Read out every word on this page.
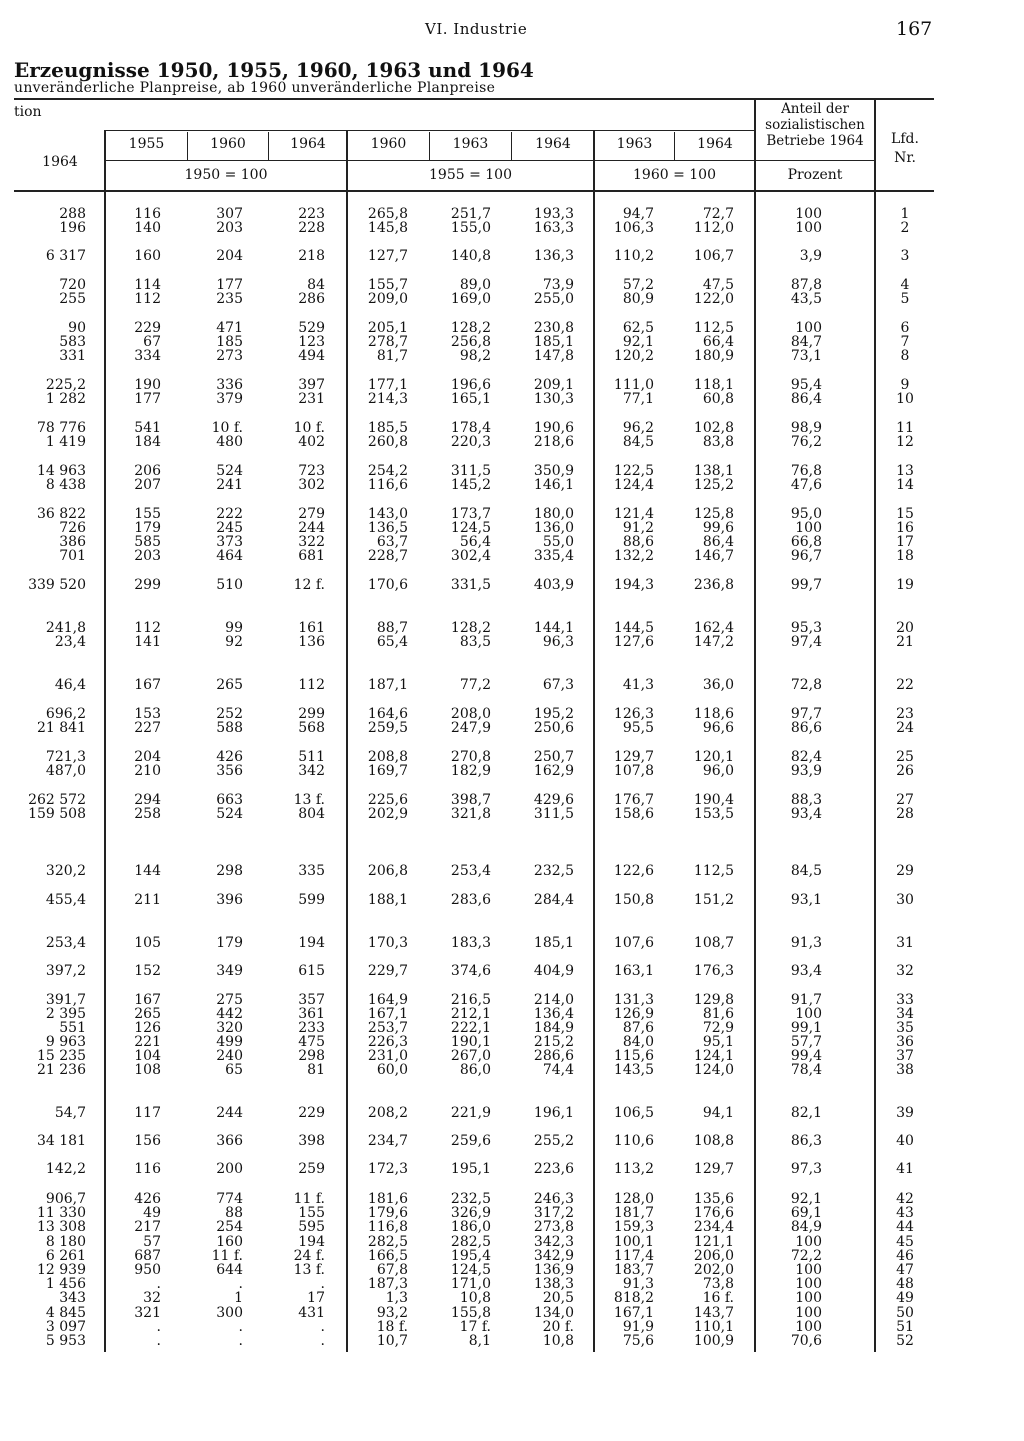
VI. Industrie	167
Erzeugnisse 1950, 1955, 1960, 1963 und 1964
unveränderliche Planpreise, ab 1960 unveränderliche Planpreise
tion
1964
1955	1960	1964
1950 = 100
1960	1963	1964
1955 = 100
1963	1964
1960 = 100
Anteil der sozialistischen Betriebe 1964
Prozent
Lfd. Nr.
288	116	307	223	265,8	251,7	193,3	94,7	72,7	100	1
196	140	203	228	145,8	155,0	163,3	106,3	112,0	100	2
6 317	160	204	218	127,7	140,8	136,3	110,2	106,7	3,9	3
720	114	177	84	155,7	89,0	73,9	57,2	47,5	87,8	4
255	112	235	286	209,0	169,0	255,0	80,9	122,0	43,5	5
90	229	471	529	205,1	128,2	230,8	62,5	112,5	100	6
583	67	185	123	278,7	256,8	185,1	92,1	66,4	84,7	7
331	334	273	494	81,7	98,2	147,8	120,2	180,9	73,1	8
225,2	190	336	397	177,1	196,6	209,1	111,0	118,1	95,4	9
1 282	177	379	231	214,3	165,1	130,3	77,1	60,8	86,4	10
78 776	541	10 f.	10 f.	185,5	178,4	190,6	96,2	102,8	98,9	11
1 419	184	480	402	260,8	220,3	218,6	84,5	83,8	76,2	12
14 963	206	524	723	254,2	311,5	350,9	122,5	138,1	76,8	13
8 438	207	241	302	116,6	145,2	146,1	124,4	125,2	47,6	14
36 822	155	222	279	143,0	173,7	180,0	121,4	125,8	95,0	15
726	179	245	244	136,5	124,5	136,0	91,2	99,6	100	16
386	585	373	322	63,7	56,4	55,0	88,6	86,4	66,8	17
701	203	464	681	228,7	302,4	335,4	132,2	146,7	96,7	18
339 520	299	510	12 f.	170,6	331,5	403,9	194,3	236,8	99,7	19
241,8	112	99	161	88,7	128,2	144,1	144,5	162,4	95,3	20
23,4	141	92	136	65,4	83,5	96,3	127,6	147,2	97,4	21
46,4	167	265	112	187,1	77,2	67,3	41,3	36,0	72,8	22
696,2	153	252	299	164,6	208,0	195,2	126,3	118,6	97,7	23
21 841	227	588	568	259,5	247,9	250,6	95,5	96,6	86,6	24
721,3	204	426	511	208,8	270,8	250,7	129,7	120,1	82,4	25
487,0	210	356	342	169,7	182,9	162,9	107,8	96,0	93,9	26
262 572	294	663	13 f.	225,6	398,7	429,6	176,7	190,4	88,3	27
159 508	258	524	804	202,9	321,8	311,5	158,6	153,5	93,4	28
320,2	144	298	335	206,8	253,4	232,5	122,6	112,5	84,5	29
455,4	211	396	599	188,1	283,6	284,4	150,8	151,2	93,1	30
253,4	105	179	194	170,3	183,3	185,1	107,6	108,7	91,3	31
397,2	152	349	615	229,7	374,6	404,9	163,1	176,3	93,4	32
391,7	167	275	357	164,9	216,5	214,0	131,3	129,8	91,7	33
2 395	265	442	361	167,1	212,1	136,4	126,9	81,6	100	34
551	126	320	233	253,7	222,1	184,9	87,6	72,9	99,1	35
9 963	221	499	475	226,3	190,1	215,2	84,0	95,1	57,7	36
15 235	104	240	298	231,0	267,0	286,6	115,6	124,1	99,4	37
21 236	108	65	81	60,0	86,0	74,4	143,5	124,0	78,4	38
54,7	117	244	229	208,2	221,9	196,1	106,5	94,1	82,1	39
34 181	156	366	398	234,7	259,6	255,2	110,6	108,8	86,3	40
142,2	116	200	259	172,3	195,1	223,6	113,2	129,7	97,3	41
906,7	426	774	11 f.	181,6	232,5	246,3	128,0	135,6	92,1	42
11 330	49	88	155	179,6	326,9	317,2	181,7	176,6	69,1	43
13 308	217	254	595	116,8	186,0	273,8	159,3	234,4	84,9	44
8 180	57	160	194	282,5	282,5	342,3	100,1	121,1	100	45
6 261	687	11 f.	24 f.	166,5	195,4	342,9	117,4	206,0	72,2	46
12 939	950	644	13 f.	67,8	124,5	136,9	183,7	202,0	100	47
1 456	.	.	.	187,3	171,0	138,3	91,3	73,8	100	48
343	32	1	17	1,3	10,8	20,5	818,2	16 f.	100	49
4 845	321	300	431	93,2	155,8	134,0	167,1	143,7	100	50
3 097	.	.	.	18 f.	17 f.	20 f.	91,9	110,1	100	51
5 953	.	.	.	10,7	8,1	10,8	75,6	100,9	70,6	52
